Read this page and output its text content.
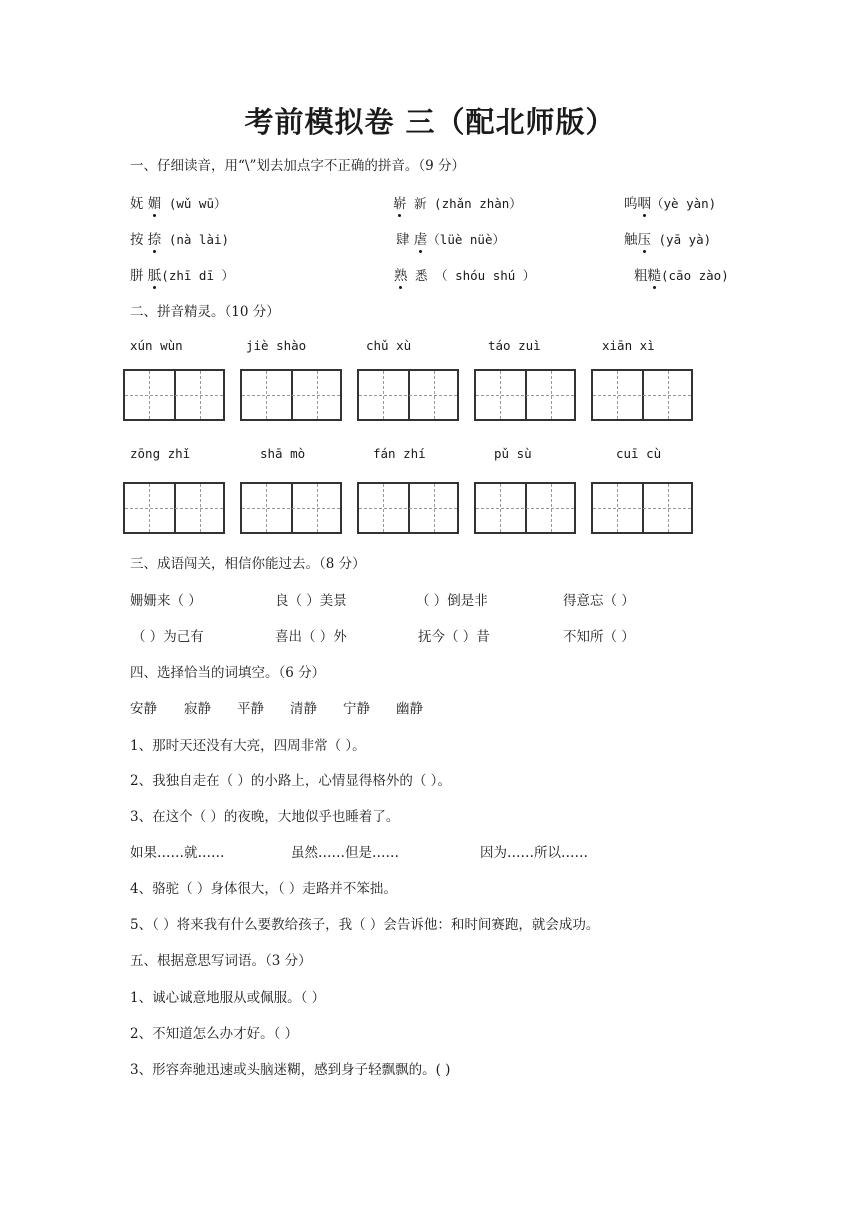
考前模拟卷 三（配北师版）
一、仔细读音，用“\”划去加点字不正确的拼音。（9 分）
妩 媚 (wǔ wū）	崭 新 (zhǎn zhàn）	呜咽（yè yàn)
按 捺 (nà lài)	肆 虐（lüè nüè）	触压 (yā yà)
胼 胝(zhī dī ）	熟 悉 （ shóu shú ）	粗糙(cāo zào)
二、拼音精灵。（10 分）
xún wùn	jiè shào	chǔ xù	táo zuì	xiān xì
zōng zhǐ	shā mò	fán zhí	pǔ sù	cuī cù
三、成语闯关，相信你能过去。（8 分）
姗姗来（ ）	良（ ）美景	（ ）倒是非	得意忘（ ）
（ ）为己有	喜出（ ）外	抚今（ ）昔	不知所（ ）
四、选择恰当的词填空。（6 分）
安静 寂静 平静 清静 宁静 幽静
1、那时天还没有大亮，四周非常（ ）。
2、我独自走在（ ）的小路上，心情显得格外的（ ）。
3、在这个（ ）的夜晚，大地似乎也睡着了。
如果……就……	虽然……但是……	因为……所以……
4、骆驼（ ）身体很大，（ ）走路并不笨拙。
5、（ ）将来我有什么要教给孩子，我（ ）会告诉他：和时间赛跑，就会成功。
五、根据意思写词语。（3 分）
1、诚心诚意地服从或佩服。（ ）
2、不知道怎么办才好。（ ）
3、形容奔驰迅速或头脑迷糊，感到身子轻飘飘的。( )
